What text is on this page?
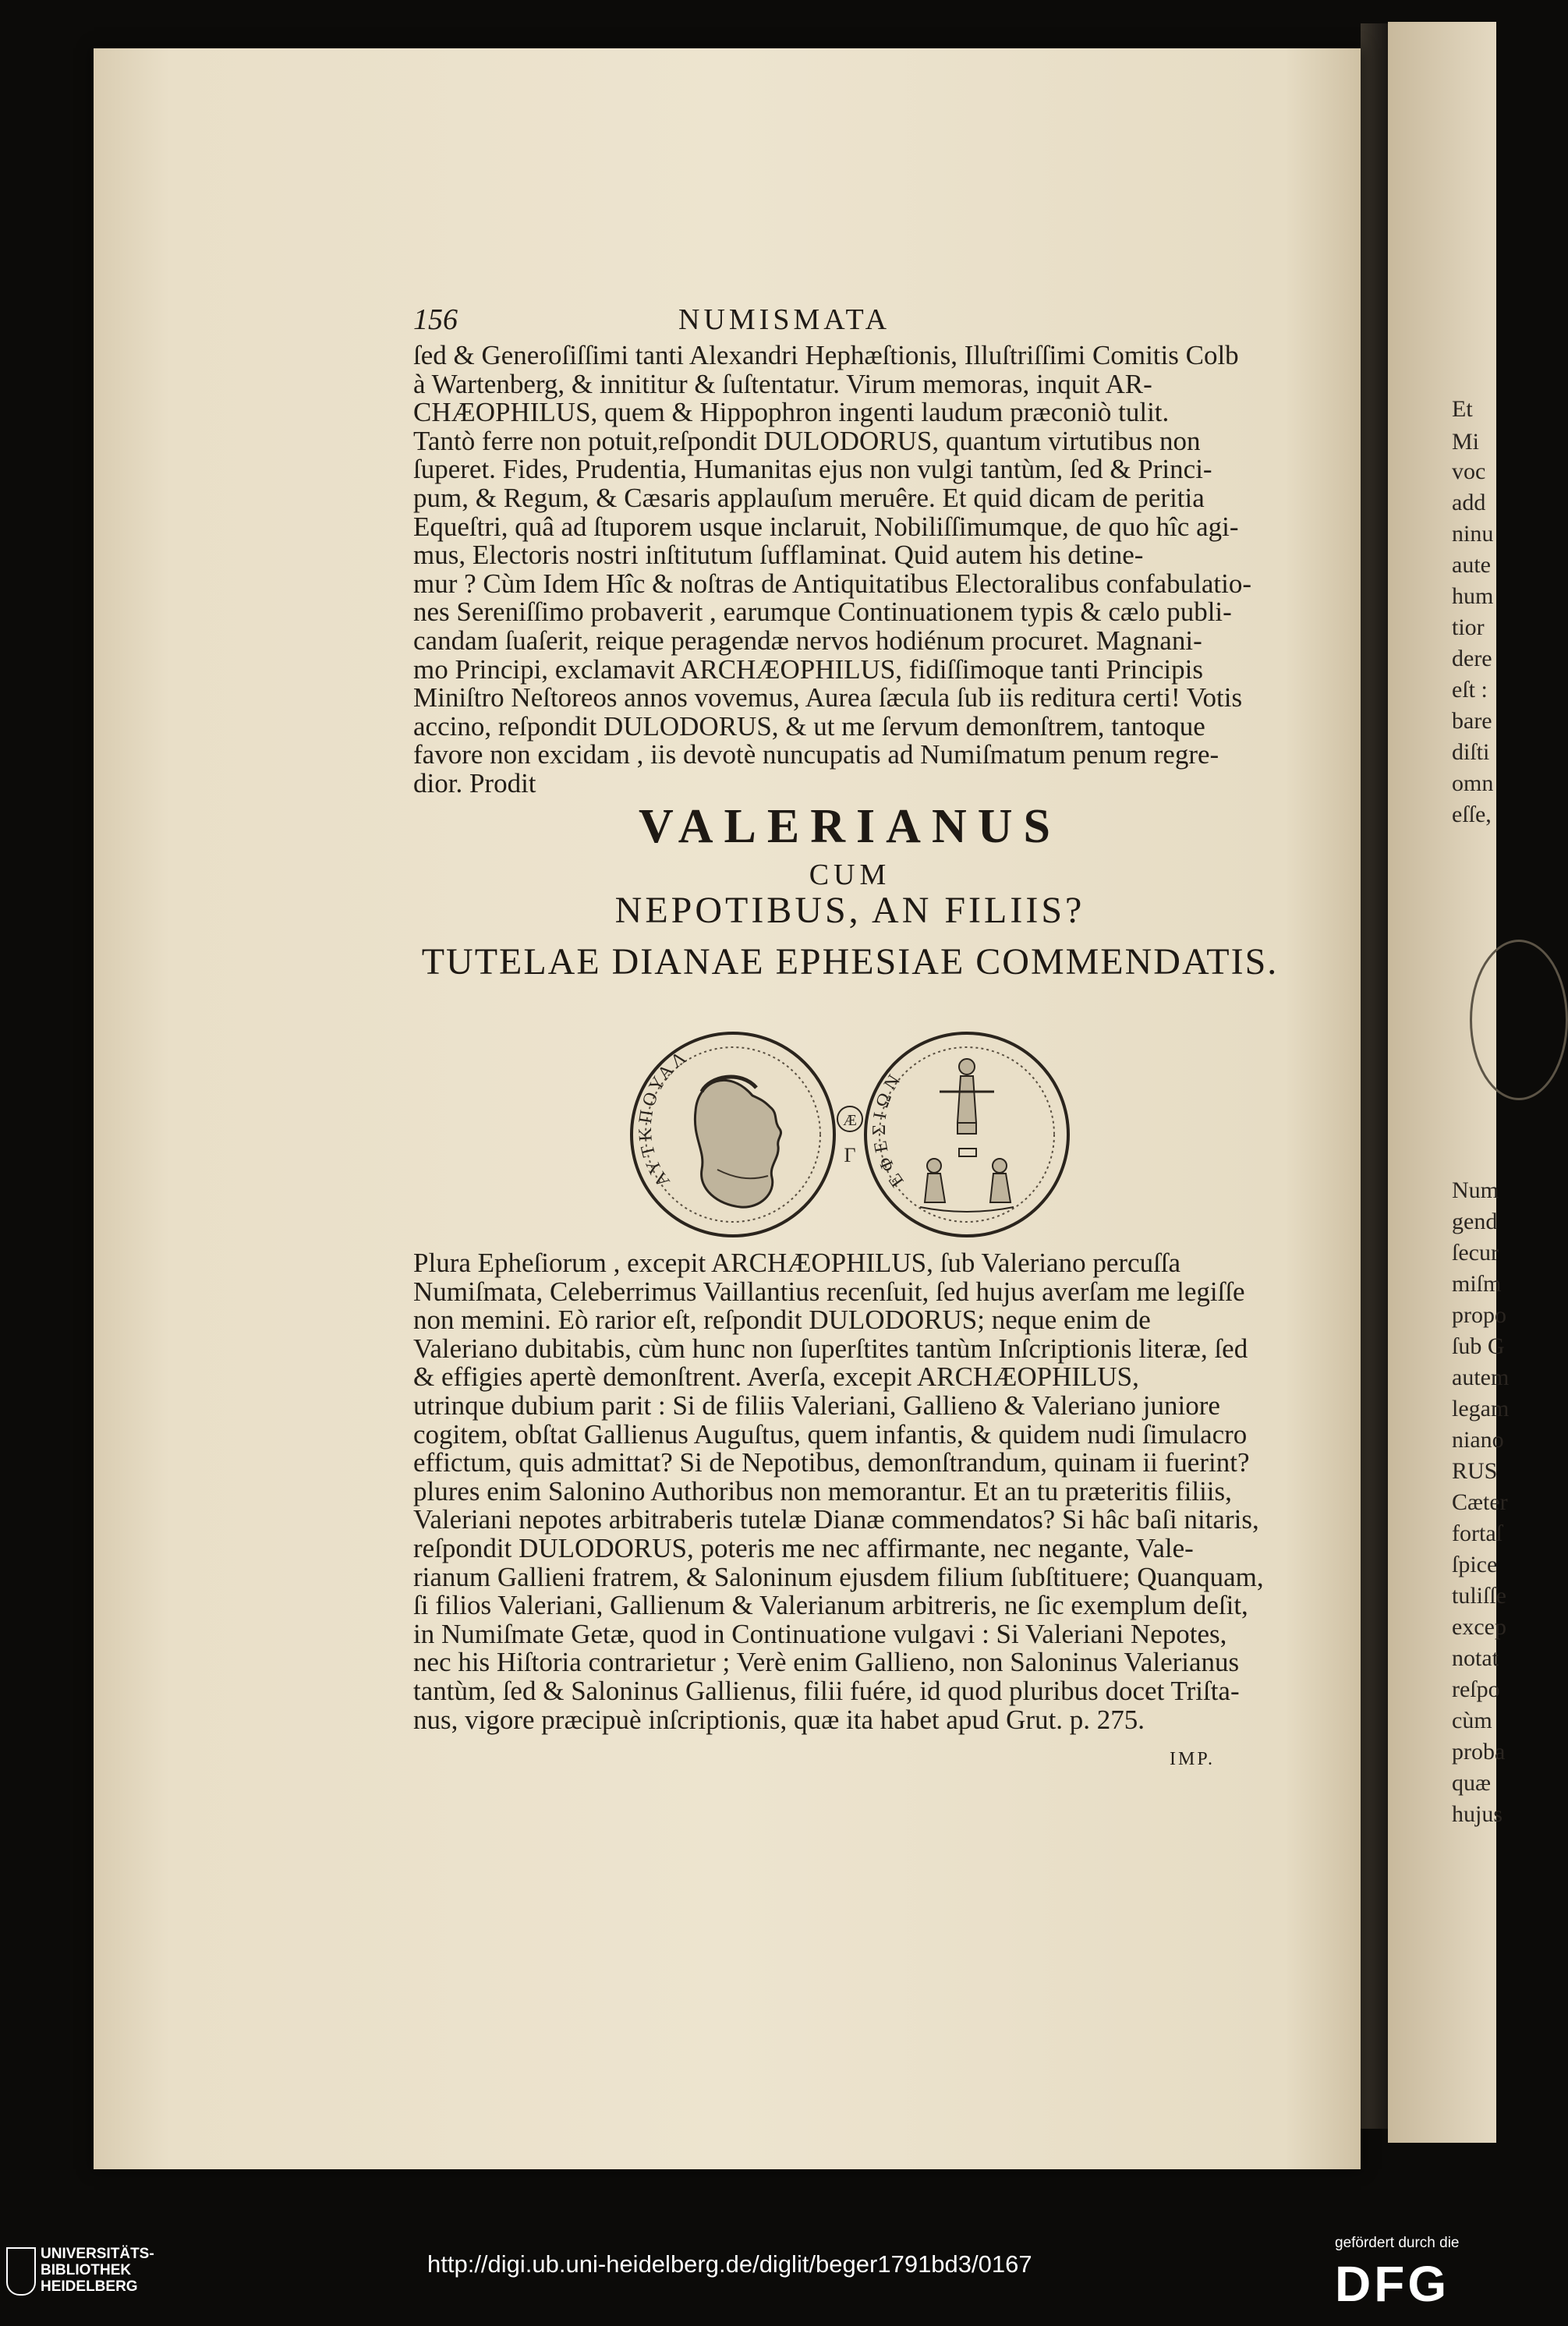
Et
Mi
voc
add
ninu
aute
hum
tior
dere
eſt :
bare
diſti
omn
eſſe,
Num
gend
ſecur
miſm
propo
ſub G
autem
legam
niano
RUS
Cæter
fortaſ
ſpice
tuliſſe
excep
notat
reſpo
cùm
proba
quæ
hujus
156	NUMISMATA

ſed & Generoſiſſimi tanti Alexandri Hephæſtionis, Illuſtriſſimi Comitis Colb

à Wartenberg, & innititur & ſuſtentatur. Virum memoras, inquit AR-

CHÆOPHILUS, quem & Hippophron ingenti laudum præconiò tulit.

Tantò ferre non potuit,reſpondit DULODORUS, quantum virtutibus non

ſuperet. Fides, Prudentia, Humanitas ejus non vulgi tantùm, ſed & Princi-

pum, & Regum, & Cæsaris applauſum meruêre. Et quid dicam de peritia

Equeſtri, quâ ad ſtuporem usque inclaruit, Nobiliſſimumque, de quo hîc agi-

mus, Electoris nostri inſtitutum ſufflaminat. Quid autem his detine-

mur ? Cùm Idem Hîc & noſtras de Antiquitatibus Electoralibus confabulatio-

nes Sereniſſimo probaverit , earumque Continuationem typis & cælo publi-

candam ſuaſerit, reique peragendæ nervos hodiénum procuret. Magnani-

mo Principi, exclamavit ARCHÆOPHILUS, fidiſſimoque tanti Principis

Miniſtro Neſtoreos annos vovemus, Aurea ſæcula ſub iis reditura certi! Votis

accino, reſpondit DULODORUS, & ut me ſervum demonſtrem, tantoque

favore non excidam , iis devotè nuncupatis ad Numiſmatum penum regre-

dior. Prodit

VALERIANUS
CUM
NEPOTIBUS, AN FILIIS?
TUTELAE DIANAE EPHESIAE COMMENDATIS.
ΑΥΤΚΠΟΥΑΛ
Æ
Γ
ΕΦΕΣΙΩΝ

Plura Epheſiorum , excepit ARCHÆOPHILUS, ſub Valeriano percuſſa

Numiſmata, Celeberrimus Vaillantius recenſuit, ſed hujus averſam me legiſſe

non memini. Eò rarior eſt, reſpondit DULODORUS; neque enim de

Valeriano dubitabis, cùm hunc non ſuperſtites tantùm Inſcriptionis literæ, ſed

& effigies apertè demonſtrent. Averſa, excepit ARCHÆOPHILUS,

utrinque dubium parit : Si de filiis Valeriani, Gallieno & Valeriano juniore

cogitem, obſtat Gallienus Auguſtus, quem infantis, & quidem nudi ſimulacro

effictum, quis admittat? Si de Nepotibus, demonſtrandum, quinam ii fuerint?

plures enim Salonino Authoribus non memorantur. Et an tu præteritis filiis,

Valeriani nepotes arbitraberis tutelæ Dianæ commendatos? Si hâc baſi nitaris,

reſpondit DULODORUS, poteris me nec affirmante, nec negante, Vale-

rianum Gallieni fratrem, & Saloninum ejusdem filium ſubſtituere; Quanquam,

ſi filios Valeriani, Gallienum & Valerianum arbitreris, ne ſic exemplum deſit,

in Numiſmate Getæ, quod in Continuatione vulgavi : Si Valeriani Nepotes,

nec his Hiſtoria contrarietur ; Verè enim Gallieno, non Saloninus Valerianus

tantùm, ſed & Saloninus Gallienus, filii fuére, id quod pluribus docet Triſta-

nus, vigore præcipuè inſcriptionis, quæ ita habet apud Grut. p. 275.

IMP.
UNIVERSITÄTS-
BIBLIOTHEK
HEIDELBERG
http://digi.ub.uni-heidelberg.de/diglit/beger1791bd3/0167
gefördert durch die
DFG
